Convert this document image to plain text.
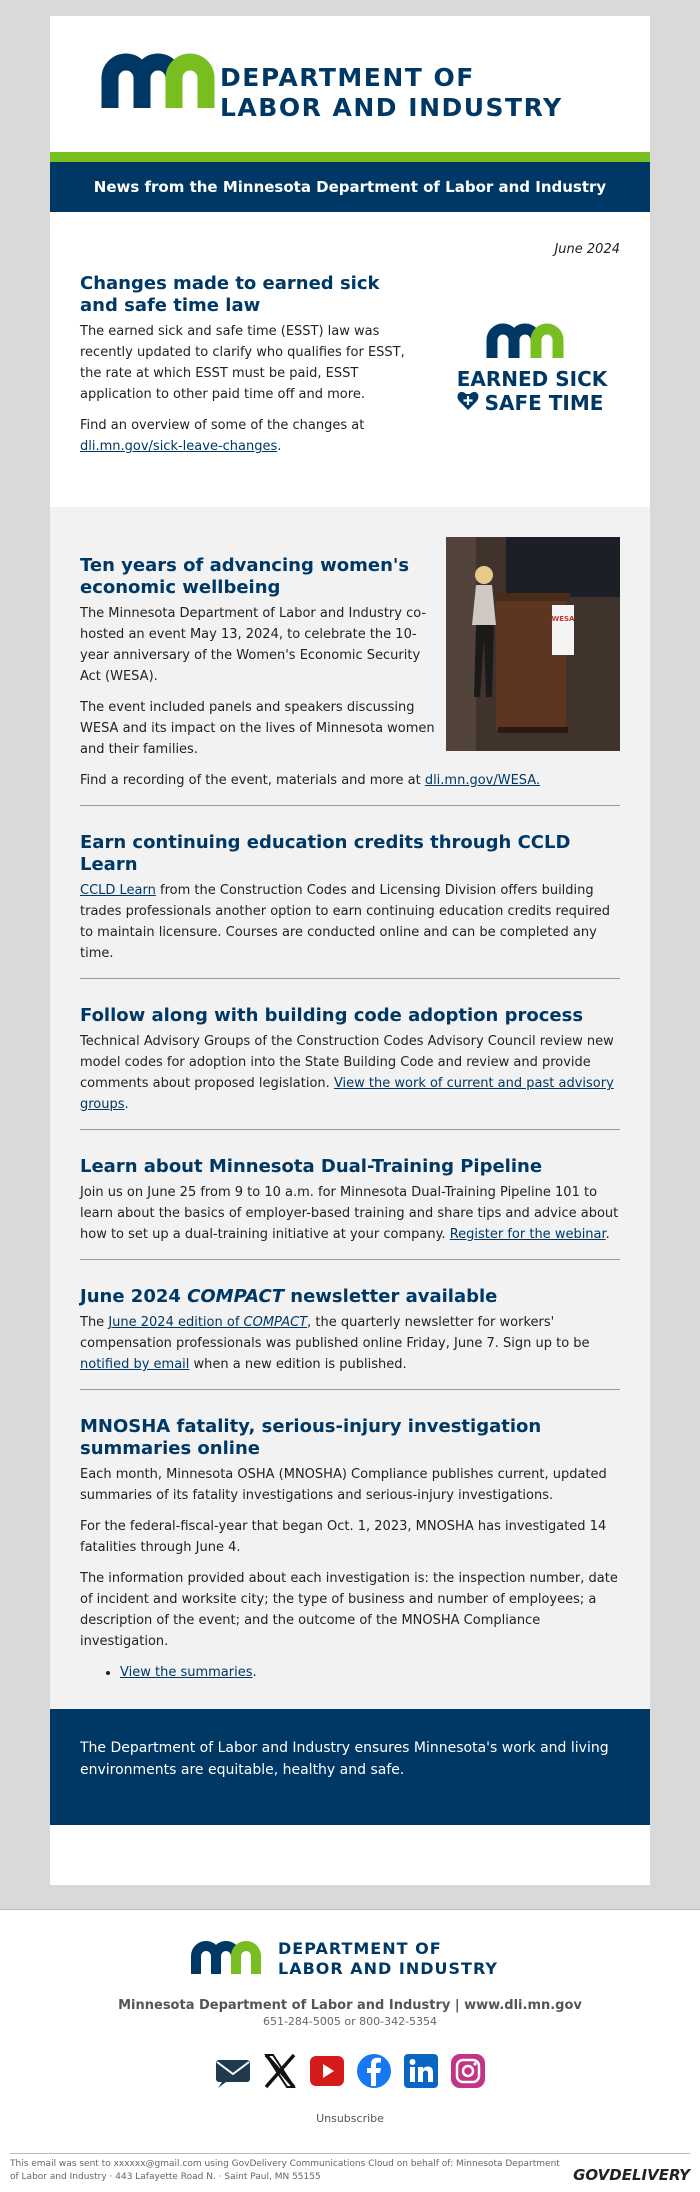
DEPARTMENT OF
LABOR AND INDUSTRY
News from the Minnesota Department of Labor and Industry
June 2024
Changes made to earned sick and safe time law

The earned sick and safe time (ESST) law was recently updated to clarify who qualifies for ESST, the rate at which ESST must be paid, ESST application to other paid time off and more.

Find an overview of some of the changes at dli.mn.gov/sick-leave-changes.

EARNED SICK
SAFE TIME
WESA
Ten years of advancing women's economic wellbeing

The Minnesota Department of Labor and Industry co-hosted an event May 13, 2024, to celebrate the 10-year anniversary of the Women's Economic Security Act (WESA).

The event included panels and speakers discussing WESA and its impact on the lives of Minnesota women and their families.

Find a recording of the event, materials and more at dli.mn.gov/WESA.

Earn continuing education credits through CCLD Learn

CCLD Learn from the Construction Codes and Licensing Division offers building trades professionals another option to earn continuing education credits required to maintain licensure. Courses are conducted online and can be completed any time.

Follow along with building code adoption process

Technical Advisory Groups of the Construction Codes Advisory Council review new model codes for adoption into the State Building Code and review and provide comments about proposed legislation. View the work of current and past advisory groups.

Learn about Minnesota Dual-Training Pipeline

Join us on June 25 from 9 to 10 a.m. for Minnesota Dual-Training Pipeline 101 to learn about the basics of employer-based training and share tips and advice about how to set up a dual-training initiative at your company. Register for the webinar.

June 2024 COMPACT newsletter available

The June 2024 edition of COMPACT, the quarterly newsletter for workers' compensation professionals was published online Friday, June 7. Sign up to be notified by email when a new edition is published.

MNOSHA fatality, serious-injury investigation summaries online

Each month, Minnesota OSHA (MNOSHA) Compliance publishes current, updated summaries of its fatality investigations and serious-injury investigations.

For the federal-fiscal-year that began Oct. 1, 2023, MNOSHA has investigated 14 fatalities through June 4.

The information provided about each investigation is: the inspection number, date of incident and worksite city; the type of business and number of employees; a description of the event; and the outcome of the MNOSHA Compliance investigation.

• View the summaries.

The Department of Labor and Industry ensures Minnesota's work and living environments are equitable, healthy and safe.

DEPARTMENT OF
LABOR AND INDUSTRY
Minnesota Department of Labor and Industry | www.dli.mn.gov
651-284-5005 or 800-342-5354
Unsubscribe
This email was sent to xxxxxx@gmail.com using GovDelivery Communications Cloud on behalf of: Minnesota Department of Labor and Industry · 443 Lafayette Road N. · Saint Paul, MN 55155	GOVDELIVERY
